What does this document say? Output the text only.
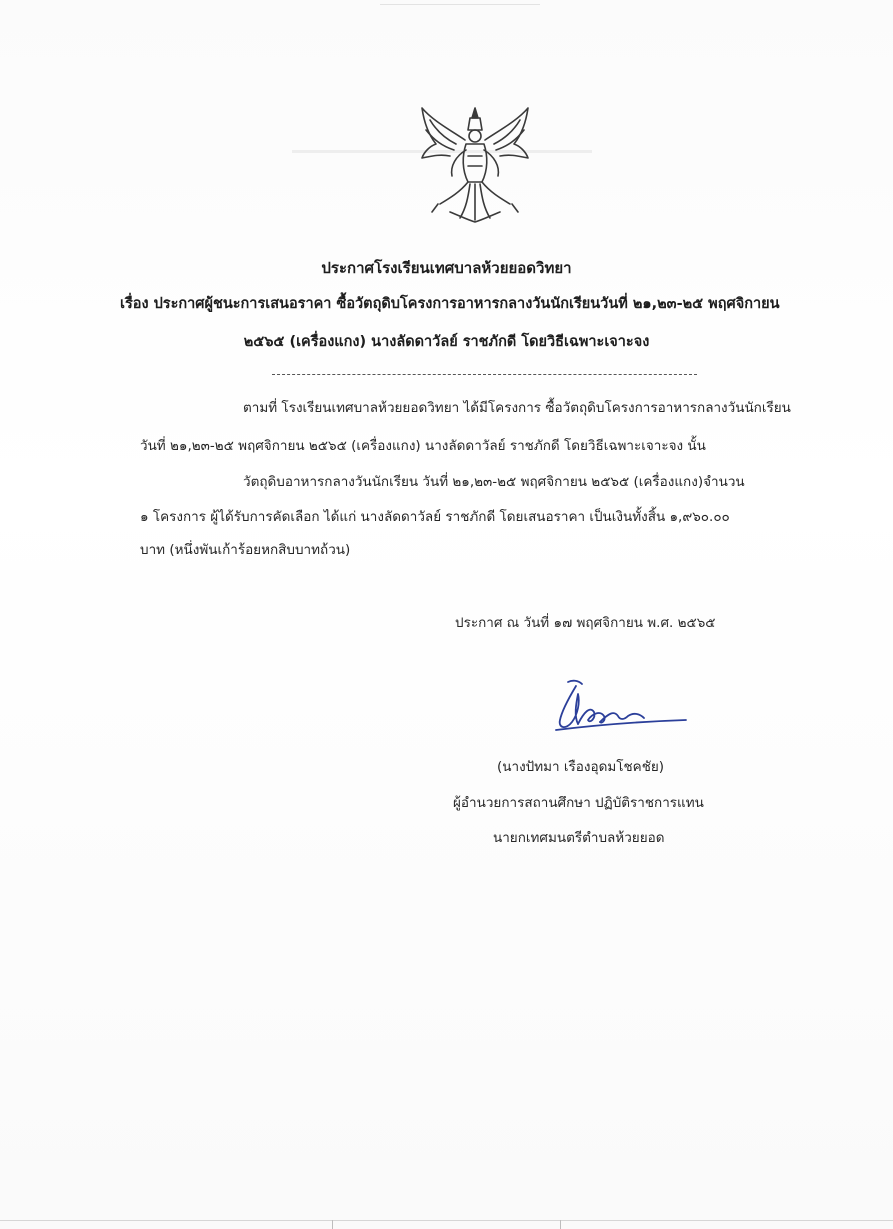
ประกาศโรงเรียนเทศบาลห้วยยอดวิทยา
เรื่อง ประกาศผู้ชนะการเสนอราคา ซื้อวัตถุดิบโครงการอาหารกลางวันนักเรียนวันที่ ๒๑,๒๓-๒๕ พฤศจิกายน
๒๕๖๕ (เครื่องแกง) นางลัดดาวัลย์ ราชภักดี โดยวิธีเฉพาะเจาะจง
ตามที่ โรงเรียนเทศบาลห้วยยอดวิทยา ได้มีโครงการ ซื้อวัตถุดิบโครงการอาหารกลางวันนักเรียน
วันที่ ๒๑,๒๓-๒๕ พฤศจิกายน ๒๕๖๕ (เครื่องแกง) นางลัดดาวัลย์ ราชภักดี โดยวิธีเฉพาะเจาะจง นั้น
วัตถุดิบอาหารกลางวันนักเรียน วันที่ ๒๑,๒๓-๒๕ พฤศจิกายน ๒๕๖๕ (เครื่องแกง)จำนวน
๑ โครงการ ผู้ได้รับการคัดเลือก ได้แก่ นางลัดดาวัลย์ ราชภักดี โดยเสนอราคา เป็นเงินทั้งสิ้น ๑,๙๖๐.๐๐
บาท (หนึ่งพันเก้าร้อยหกสิบบาทถ้วน)
ประกาศ ณ วันที่ ๑๗ พฤศจิกายน พ.ศ. ๒๕๖๕
(นางปัทมา เรืองอุดมโชคชัย)
ผู้อำนวยการสถานศึกษา ปฏิบัติราชการแทน
นายกเทศมนตรีตำบลห้วยยอด
